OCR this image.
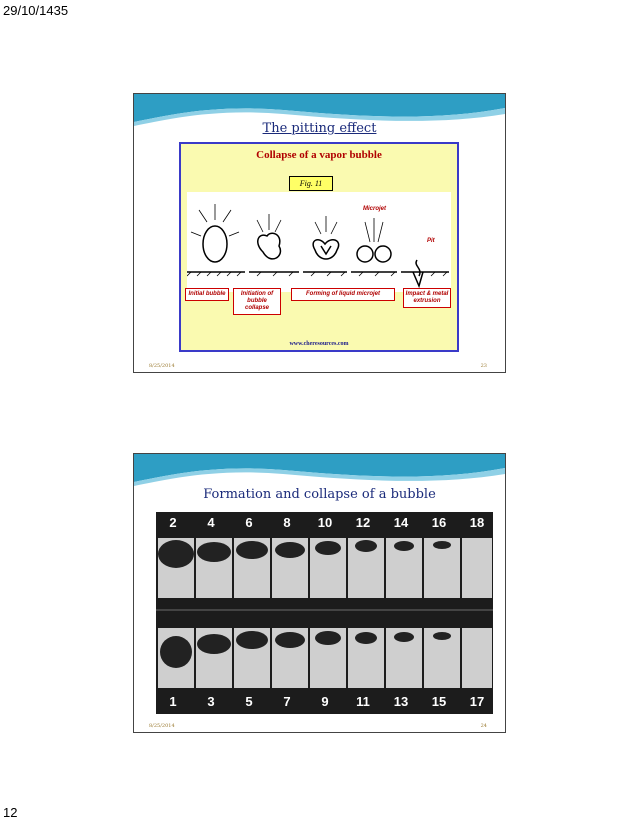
29/10/1435
The pitting effect
Collapse of a vapor bubble
Fig. 11
Microjet
Pit
Initial bubble	Initiation of bubble collapse
Forming of liquid microjet	Impact & metal extrusion
www.cheresources.com
8/25/2014	23
Formation and collapse of a bubble
2	4	6	8	10 12 14 16 18
1	3	5	7	9	11	13 15 17
8/25/2014	24
12
